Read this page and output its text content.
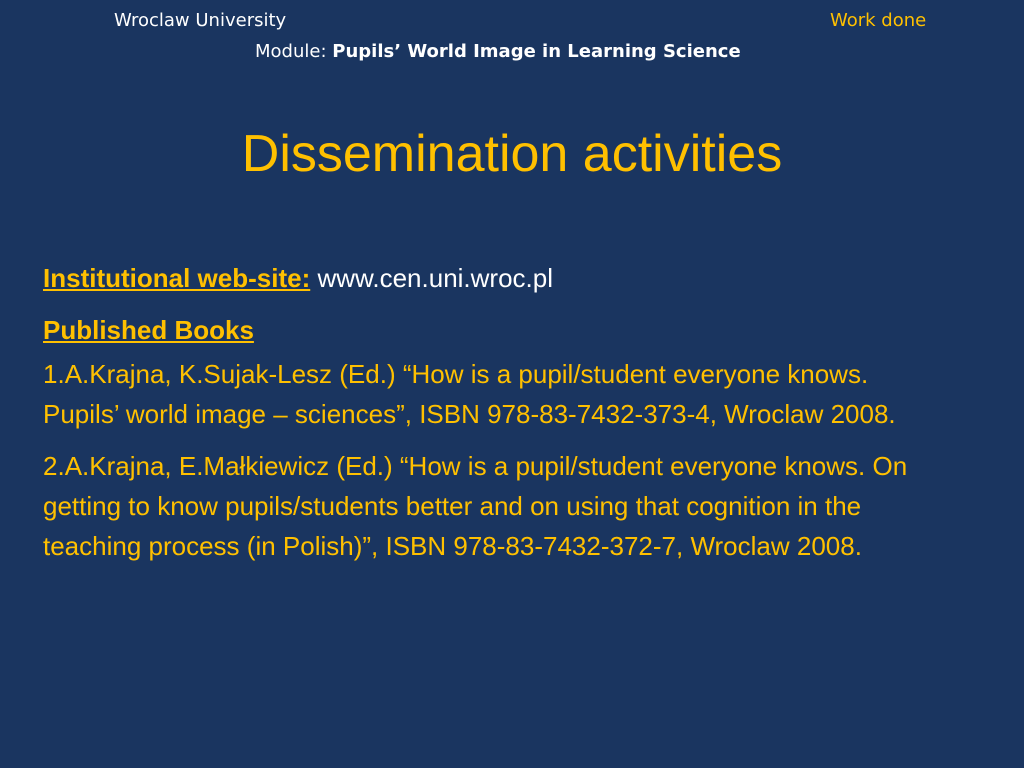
Wroclaw University	Work done
Module: Pupils’ World Image in Learning Science
Dissemination activities
Institutional web-site: www.cen.uni.wroc.pl
Published Books
1.A.Krajna, K.Sujak-Lesz (Ed.) “How is a pupil/student everyone knows. Pupils’ world image – sciences”, ISBN 978-83-7432-373-4, Wroclaw 2008.
2.A.Krajna, E.Małkiewicz (Ed.) “How is a pupil/student everyone knows. On getting to know pupils/students better and on using that cognition in the teaching process (in Polish)”, ISBN 978-83-7432-372-7, Wroclaw 2008.
